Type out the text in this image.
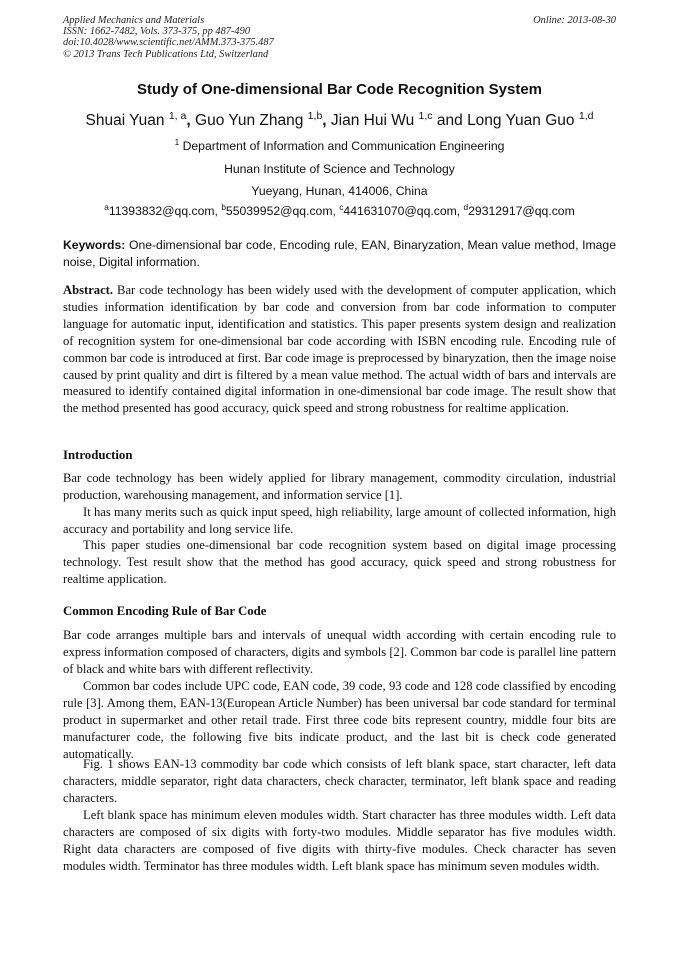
Applied Mechanics and Materials
ISSN: 1662-7482, Vols. 373-375, pp 487-490
doi:10.4028/www.scientific.net/AMM.373-375.487
© 2013 Trans Tech Publications Ltd, Switzerland
Online: 2013-08-30
Study of One-dimensional Bar Code Recognition System
Shuai Yuan $^{1, a}$, Guo Yun Zhang $^{1,b}$, Jian Hui Wu $^{1,c}$ and Long Yuan Guo $^{1,d}$
$^1$ Department of Information and Communication Engineering
Hunan Institute of Science and Technology
Yueyang, Hunan, 414006, China
$^a$11393832@qq.com, $^b$55039952@qq.com, $^c$441631070@qq.com, $^d$29312917@qq.com
Keywords: One-dimensional bar code, Encoding rule, EAN, Binaryzation, Mean value method, Image noise, Digital information.

Abstract. Bar code technology has been widely used with the development of computer application, which studies information identification by bar code and conversion from bar code information to computer language for automatic input, identification and statistics. This paper presents system design and realization of recognition system for one-dimensional bar code according with ISBN encoding rule. Encoding rule of common bar code is introduced at first. Bar code image is preprocessed by binaryzation, then the image noise caused by print quality and dirt is filtered by a mean value method. The actual width of bars and intervals are measured to identify contained digital information in one-dimensional bar code image. The result show that the method presented has good accuracy, quick speed and strong robustness for realtime application.

Introduction

Bar code technology has been widely applied for library management, commodity circulation, industrial production, warehousing management, and information service [1].

It has many merits such as quick input speed, high reliability, large amount of collected information, high accuracy and portability and long service life.

This paper studies one-dimensional bar code recognition system based on digital image processing technology. Test result show that the method has good accuracy, quick speed and strong robustness for realtime application.

Common Encoding Rule of Bar Code

Bar code arranges multiple bars and intervals of unequal width according with certain encoding rule to express information composed of characters, digits and symbols [2]. Common bar code is parallel line pattern of black and white bars with different reflectivity.

Common bar codes include UPC code, EAN code, 39 code, 93 code and 128 code classified by encoding rule [3]. Among them, EAN-13(European Article Number) has been universal bar code standard for terminal product in supermarket and other retail trade. First three code bits represent country, middle four bits are manufacturer code, the following five bits indicate product, and the last bit is check code generated automatically.

Fig. 1 shows EAN-13 commodity bar code which consists of left blank space, start character, left data characters, middle separator, right data characters, check character, terminator, left blank space and reading characters.

Left blank space has minimum eleven modules width. Start character has three modules width. Left data characters are composed of six digits with forty-two modules. Middle separator has five modules width. Right data characters are composed of five digits with thirty-five modules. Check character has seven modules width. Terminator has three modules width. Left blank space has minimum seven modules width.
